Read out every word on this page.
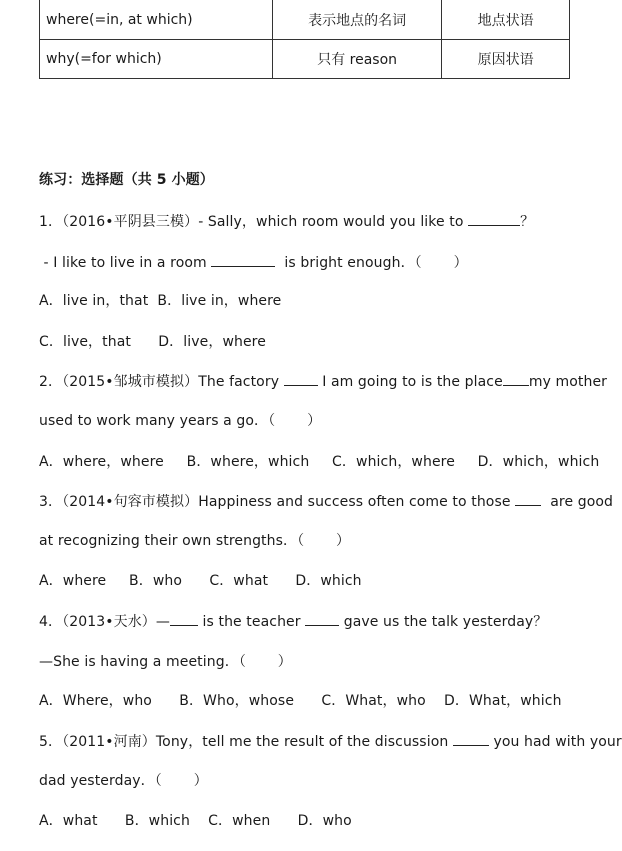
where(=in, at which)	表示地点的名词	地点状语
why(=for which)	只有 reason	原因状语
练习：选择题（共 5 小题）
1．（2016•平阴县三模）- Sally，which room would you like to	？
- I like to live in a room	is bright enough．（       ）
A．live in，that  B．live in，where
C．live，that      D．live，where
2．（2015•邹城市模拟）The factory  I am going to is the place my mother
used to work many years a go．（       ）
A．where，where     B．where，which     C．which，where     D．which，which
3．（2014•句容市模拟）Happiness and success often come to those   are good
at recognizing their own strengths．（       ）
A．where     B．who      C．what      D．which
4．（2013•天水）— is the teacher  gave us the talk yesterday？
—She is having a meeting．（       ）
A．Where，who      B．Who，whose      C．What，who    D．What，which
5．（2011•河南）Tony，tell me the result of the discussion	you had with your
dad yesterday．（       ）
A．what      B．which    C．when      D．who
